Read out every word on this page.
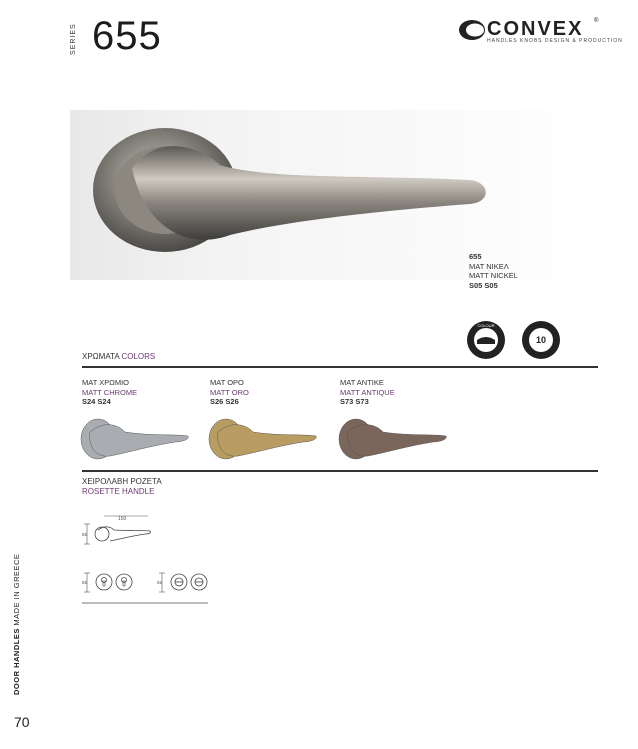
SERIES 655	CONVEX ®
HANDLES KNOBS DESIGN & PRODUCTION
655
ΜΑΤ ΝΙΚΕΛ
MATT NICKEL
S05 S05
COLOUR
10
ΧΡΩΜΑΤΑ COLORS
ΜΑΤ ΧΡΩΜΙΟ
MATT CHROME
S24 S24
ΜΑΤ ΟΡΟ
MATT ORO
S26 S26
ΜΑΤ ΑΝΤΙΚΕ
MATT ANTIQUE
S73 S73
ΧΕΙΡΟΛΑΒΗ ΡΟΖΕΤΑ
ROSETTE HANDLE
150
55
55	55
DOOR HANDLES MADE IN GREECE
70
